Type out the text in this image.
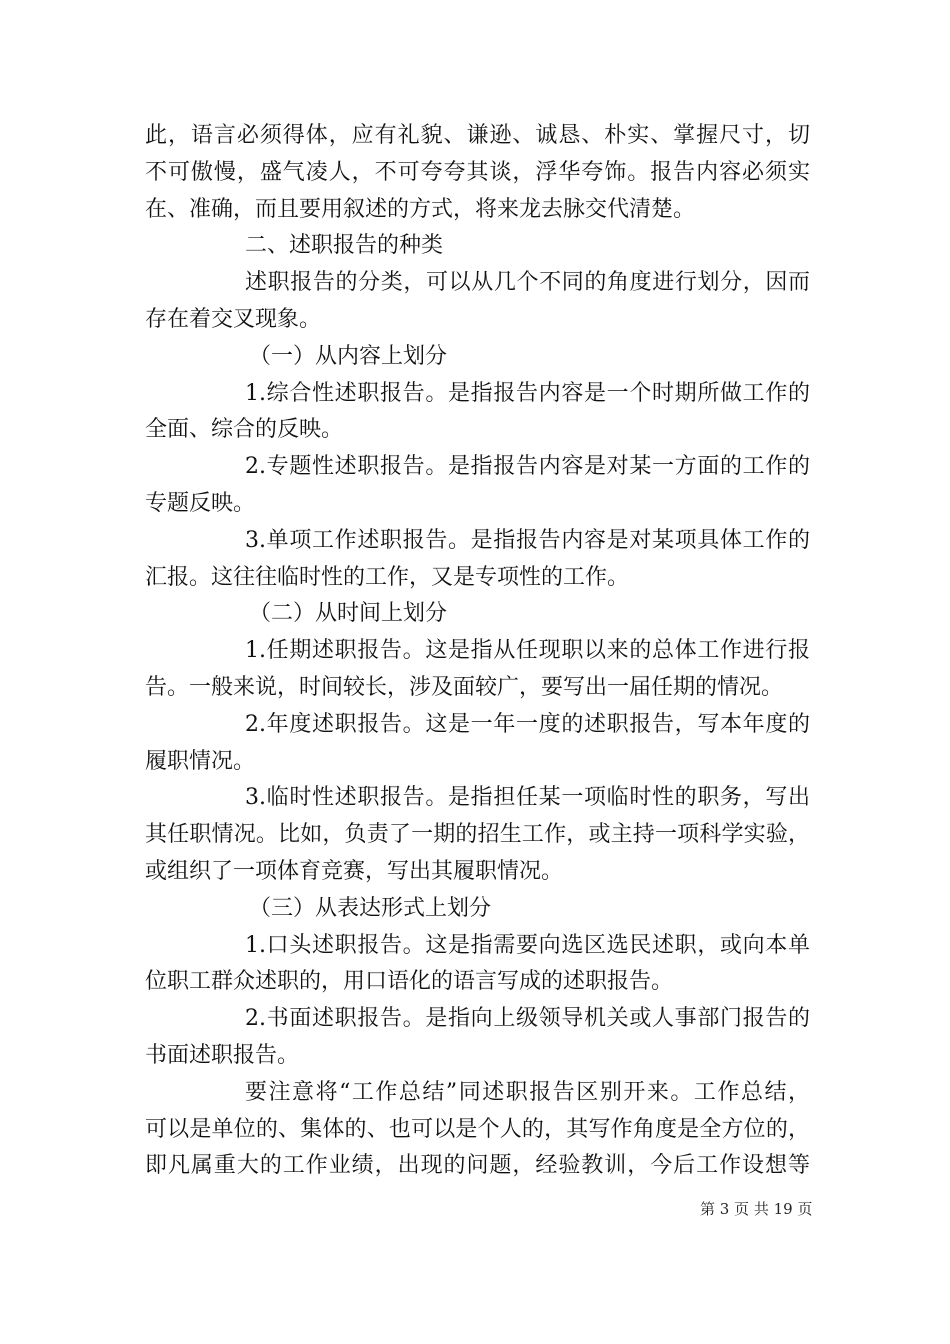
此，语言必须得体，应有礼貌、谦逊、诚恳、朴实、掌握尺寸，切
不可傲慢，盛气凌人，不可夸夸其谈，浮华夸饰。报告内容必须实
在、准确，而且要用叙述的方式，将来龙去脉交代清楚。
二、述职报告的种类
述职报告的分类，可以从几个不同的角度进行划分，因而
存在着交叉现象。
（一）从内容上划分
1.综合性述职报告。是指报告内容是一个时期所做工作的
全面、综合的反映。
2.专题性述职报告。是指报告内容是对某一方面的工作的
专题反映。
3.单项工作述职报告。是指报告内容是对某项具体工作的
汇报。这往往临时性的工作，又是专项性的工作。
（二）从时间上划分
1.任期述职报告。这是指从任现职以来的总体工作进行报
告。一般来说，时间较长，涉及面较广，要写出一届任期的情况。
2.年度述职报告。这是一年一度的述职报告，写本年度的
履职情况。
3.临时性述职报告。是指担任某一项临时性的职务，写出
其任职情况。比如，负责了一期的招生工作，或主持一项科学实验，
或组织了一项体育竞赛，写出其履职情况。
（三）从表达形式上划分
1.口头述职报告。这是指需要向选区选民述职，或向本单
位职工群众述职的，用口语化的语言写成的述职报告。
2.书面述职报告。是指向上级领导机关或人事部门报告的
书面述职报告。
要注意将“工作总结”同述职报告区别开来。工作总结，
可以是单位的、集体的、也可以是个人的，其写作角度是全方位的，
即凡属重大的工作业绩，出现的问题，经验教训，今后工作设想等
第 3 页 共 19 页
